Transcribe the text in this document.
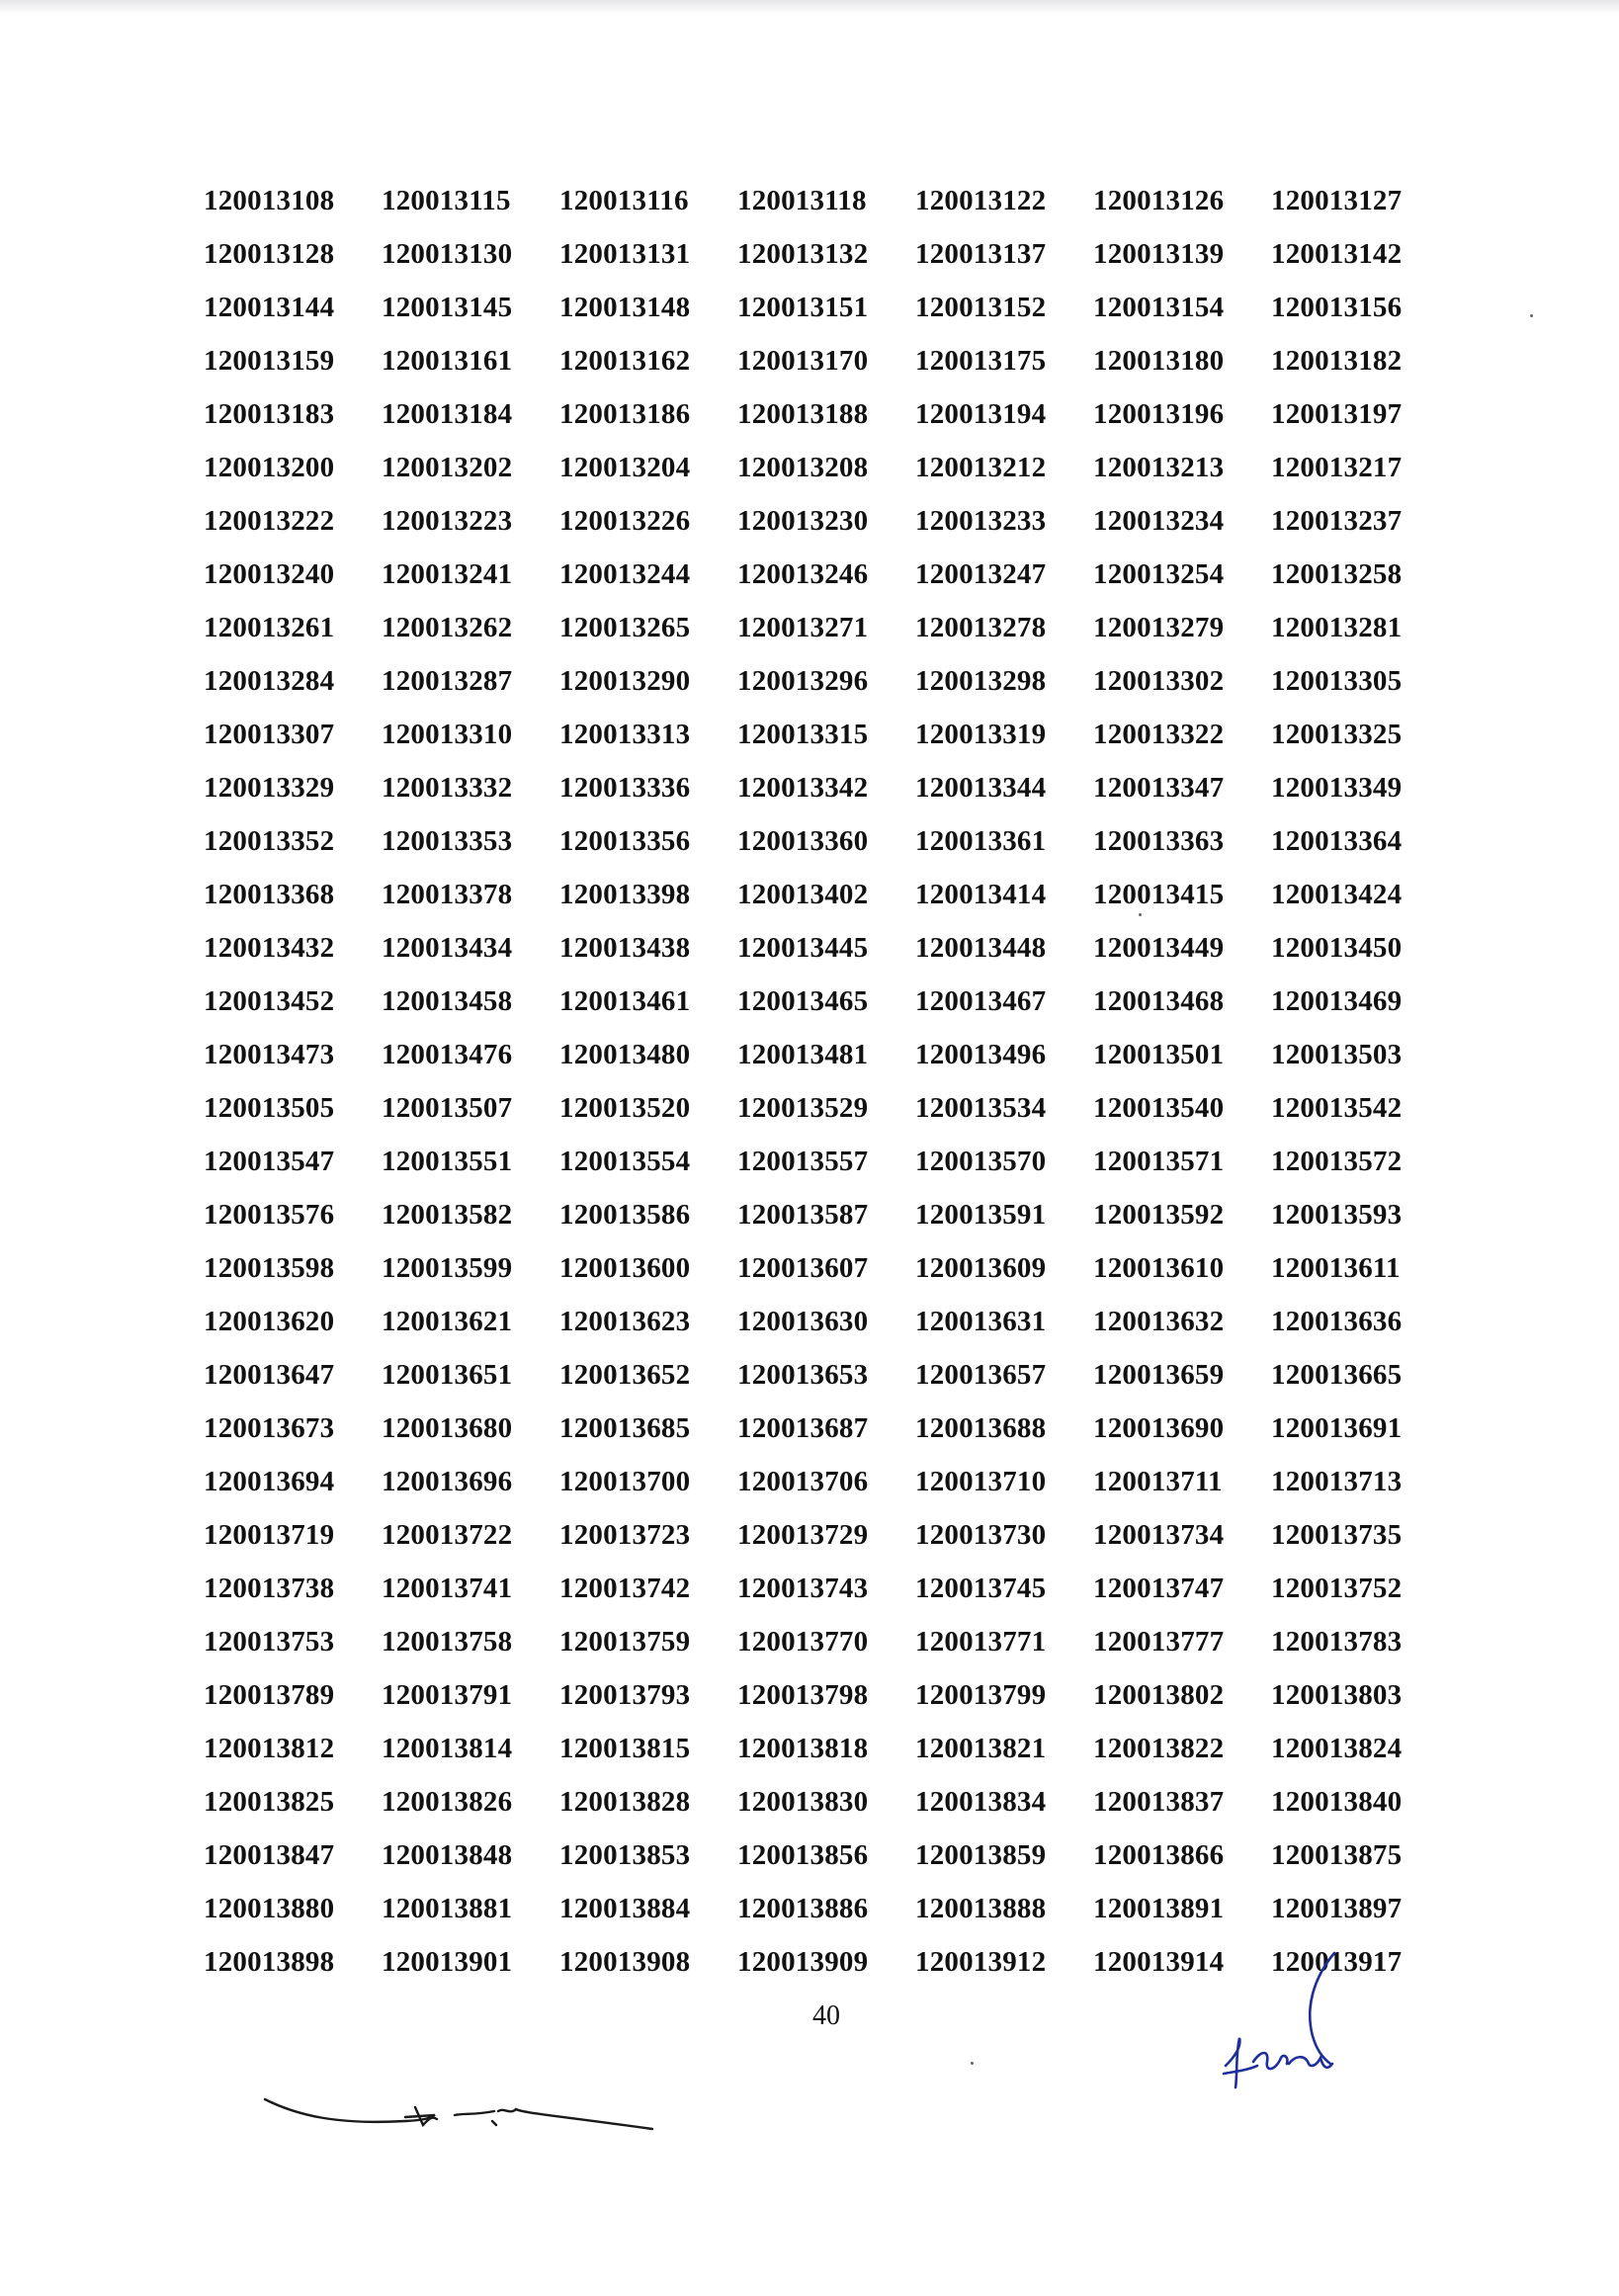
120013108	120013115	120013116	120013118	120013122	120013126	120013127
120013128	120013130	120013131	120013132	120013137	120013139	120013142
120013144	120013145	120013148	120013151	120013152	120013154	120013156
120013159	120013161	120013162	120013170	120013175	120013180	120013182
120013183	120013184	120013186	120013188	120013194	120013196	120013197
120013200	120013202	120013204	120013208	120013212	120013213	120013217
120013222	120013223	120013226	120013230	120013233	120013234	120013237
120013240	120013241	120013244	120013246	120013247	120013254	120013258
120013261	120013262	120013265	120013271	120013278	120013279	120013281
120013284	120013287	120013290	120013296	120013298	120013302	120013305
120013307	120013310	120013313	120013315	120013319	120013322	120013325
120013329	120013332	120013336	120013342	120013344	120013347	120013349
120013352	120013353	120013356	120013360	120013361	120013363	120013364
120013368	120013378	120013398	120013402	120013414	120013415	120013424
120013432	120013434	120013438	120013445	120013448	120013449	120013450
120013452	120013458	120013461	120013465	120013467	120013468	120013469
120013473	120013476	120013480	120013481	120013496	120013501	120013503
120013505	120013507	120013520	120013529	120013534	120013540	120013542
120013547	120013551	120013554	120013557	120013570	120013571	120013572
120013576	120013582	120013586	120013587	120013591	120013592	120013593
120013598	120013599	120013600	120013607	120013609	120013610	120013611
120013620	120013621	120013623	120013630	120013631	120013632	120013636
120013647	120013651	120013652	120013653	120013657	120013659	120013665
120013673	120013680	120013685	120013687	120013688	120013690	120013691
120013694	120013696	120013700	120013706	120013710	120013711	120013713
120013719	120013722	120013723	120013729	120013730	120013734	120013735
120013738	120013741	120013742	120013743	120013745	120013747	120013752
120013753	120013758	120013759	120013770	120013771	120013777	120013783
120013789	120013791	120013793	120013798	120013799	120013802	120013803
120013812	120013814	120013815	120013818	120013821	120013822	120013824
120013825	120013826	120013828	120013830	120013834	120013837	120013840
120013847	120013848	120013853	120013856	120013859	120013866	120013875
120013880	120013881	120013884	120013886	120013888	120013891	120013897
120013898	120013901	120013908	120013909	120013912	120013914	120013917
40
